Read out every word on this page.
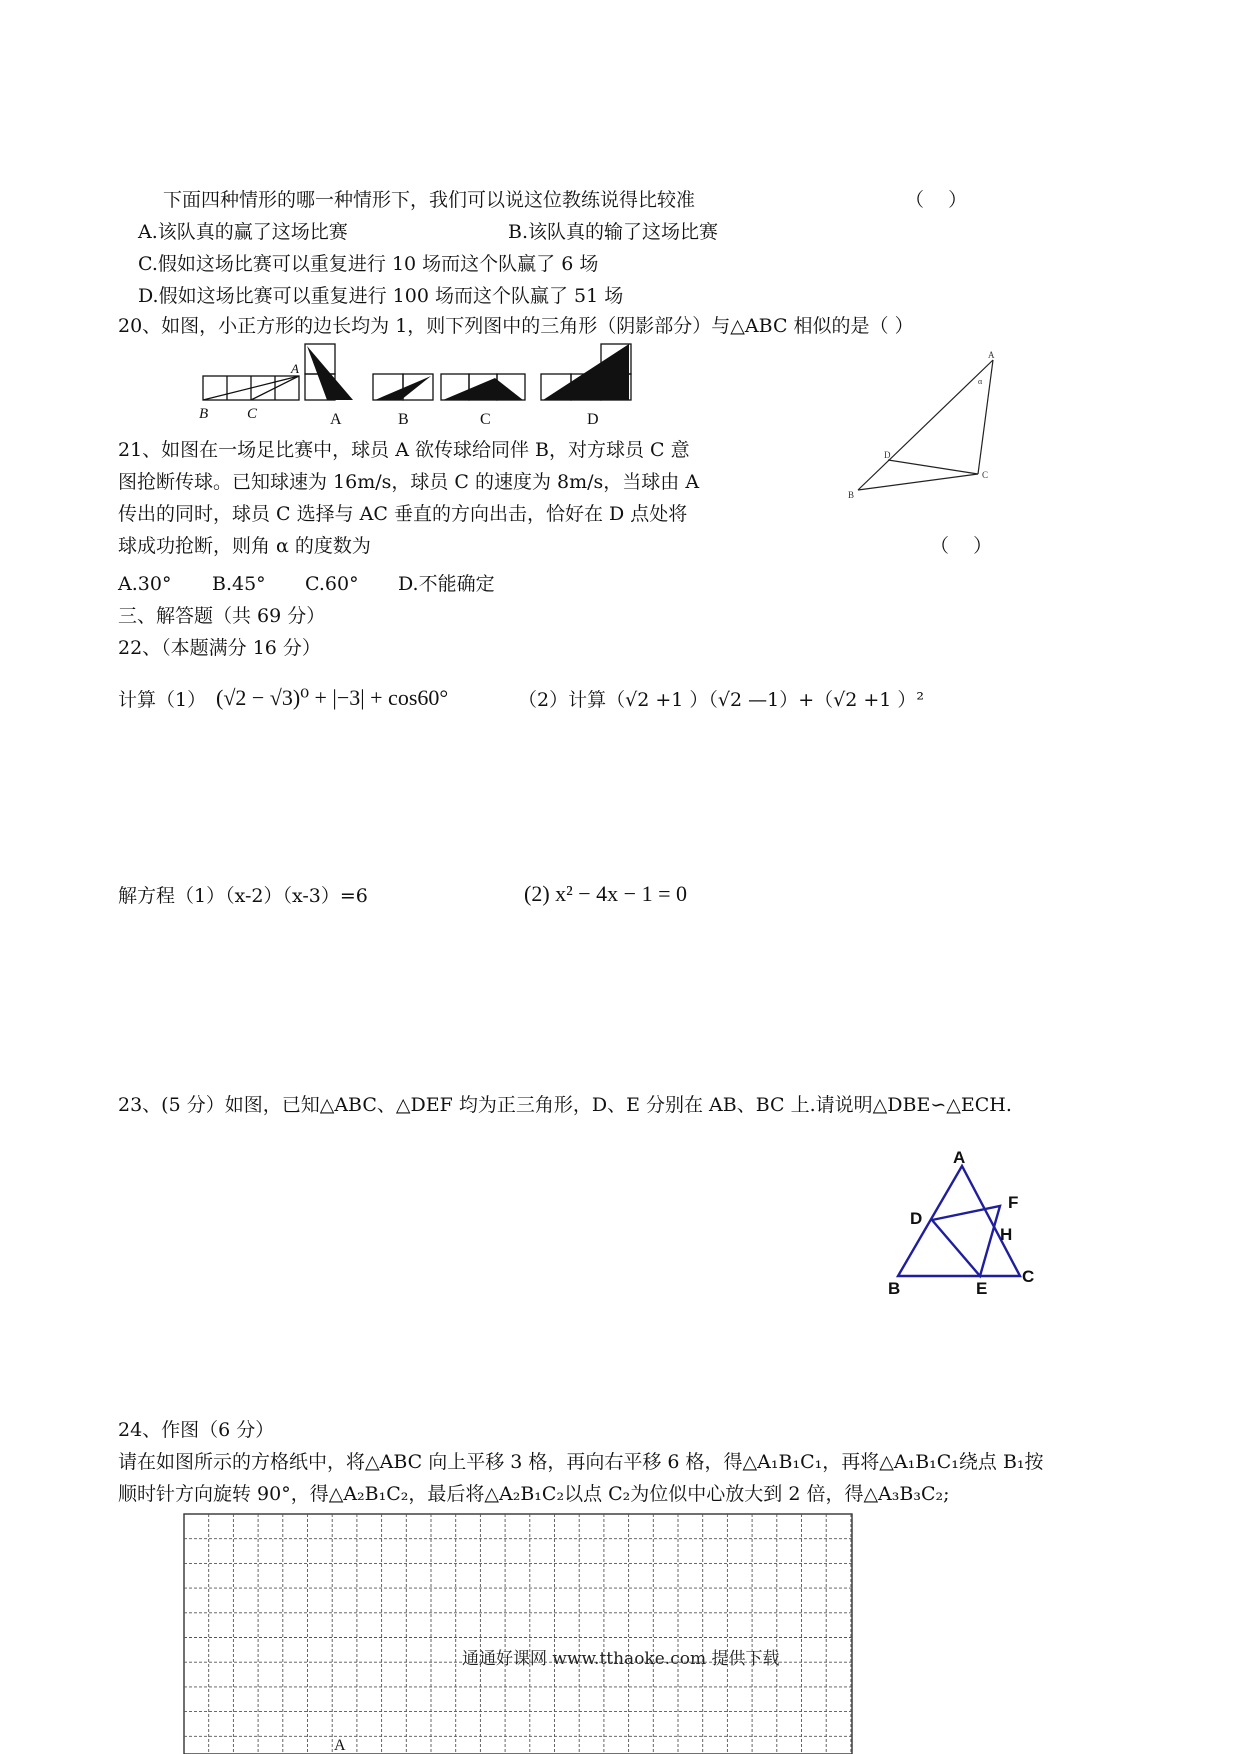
下面四种情形的哪一种情形下，我们可以说这位教练说得比较准	（    ）
A.该队真的赢了这场比赛	B.该队真的输了这场比赛
C.假如这场比赛可以重复进行 10 场而这个队赢了 6 场
D.假如这场比赛可以重复进行 100 场而这个队赢了 51 场
20、如图，小正方形的边长均为 1，则下列图中的三角形（阴影部分）与△ABC 相似的是（ ）
B	C
A
A	B	C	D
21、如图在一场足比赛中，球员 A 欲传球给同伴 B，对方球员 C 意
图抢断传球。已知球速为 16m/s，球员 C 的速度为 8m/s，当球由 A
传出的同时，球员 C 选择与 AC 垂直的方向出击，恰好在 D 点处将
球成功抢断，则角 α 的度数为	（    ）
A
α
D
C
B
A.30° B.45° C.60° D.不能确定
三、解答题（共 69 分）
22、（本题满分 16 分）
计算（1） (√2 − √3)⁰ + |−3| + cos60°	（2）计算（√2 +1 ）（√2 —1）+（√2 +1 ）²
解方程（1）（x-2）（x-3）=6	(2) x² − 4x − 1 = 0
23、(5 分）如图，已知△ABC、△DEF 均为正三角形，D、E 分别在 AB、BC 上.请说明△DBE∽△ECH.
A
F
D
H
B	E
C
24、作图（6 分）
请在如图所示的方格纸中，将△ABC 向上平移 3 格，再向右平移 6 格，得△A₁B₁C₁，再将△A₁B₁C₁绕点 B₁按
顺时针方向旋转 90°，得△A₂B₁C₂，最后将△A₂B₁C₂以点 C₂为位似中心放大到 2 倍，得△A₃B₃C₂;
A
通通好课网 www.tthaoke.com 提供下载
